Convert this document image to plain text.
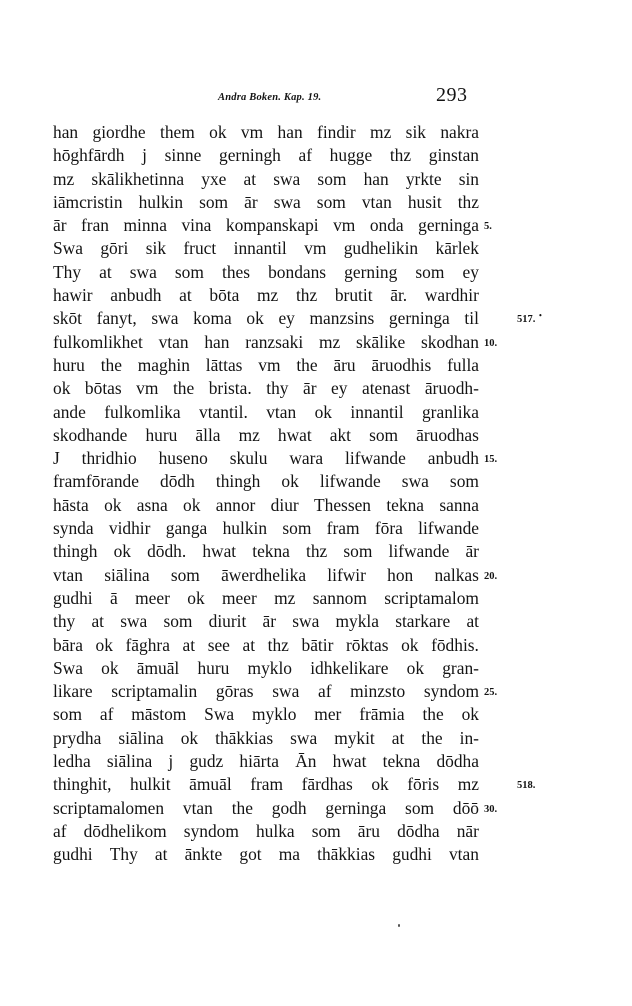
Andra Boken. Kap. 19.	293
han giordhe them ok vm han findir mz sik nakra
hōghfārdh j sinne gerningh af hugge thz ginstan
mz skālikhetinna yxe at swa som han yrkte sin
iāmcristin hulkin som ār swa som vtan husit thz
ār fran minna vina kompanskapi vm onda gerninga
Swa gōri sik fruct innantil vm gudhelikin kārlek
Thy at swa som thes bondans gerning som ey
hawir anbudh at bōta mz thz brutit ār. wardhir
skōt fanyt, swa koma ok ey manzsins gerninga til
fulkomlikhet vtan han ranzsaki mz skālike skodhan
huru the maghin lāttas vm the āru āruodhis fulla
ok bōtas vm the brista. thy ār ey atenast āruodh-
ande fulkomlika vtantil. vtan ok innantil granlika
skodhande huru ālla mz hwat akt som āruodhas
J thridhio huseno skulu wara lifwande anbudh
framfōrande dōdh thingh ok lifwande swa som
hāsta ok asna ok annor diur Thessen tekna sanna
synda vidhir ganga hulkin som fram fōra lifwande
thingh ok dōdh. hwat tekna thz som lifwande ār
vtan siālina som āwerdhelika lifwir hon nalkas
gudhi ā meer ok meer mz sannom scriptamalom
thy at swa som diurit ār swa mykla starkare at
bāra ok fāghra at see at thz bātir rōktas ok fōdhis.
Swa ok āmuāl huru myklo idhkelikare ok gran-
likare scriptamalin gōras swa af minzsto syndom
som af māstom Swa myklo mer frāmia the ok
prydha siālina ok thākkias swa mykit at the in-
ledha siālina j gudz hiārta Ān hwat tekna dōdha
thinghit, hulkit āmuāl fram fārdhas ok fōris mz
scriptamalomen vtan the godh gerninga som dōō
af dōdhelikom syndom hulka som āru dōdha nār
gudhi Thy at ānkte got ma thākkias gudhi vtan
5.
517.
10.
15.
20.
25.
518.
30.
•
